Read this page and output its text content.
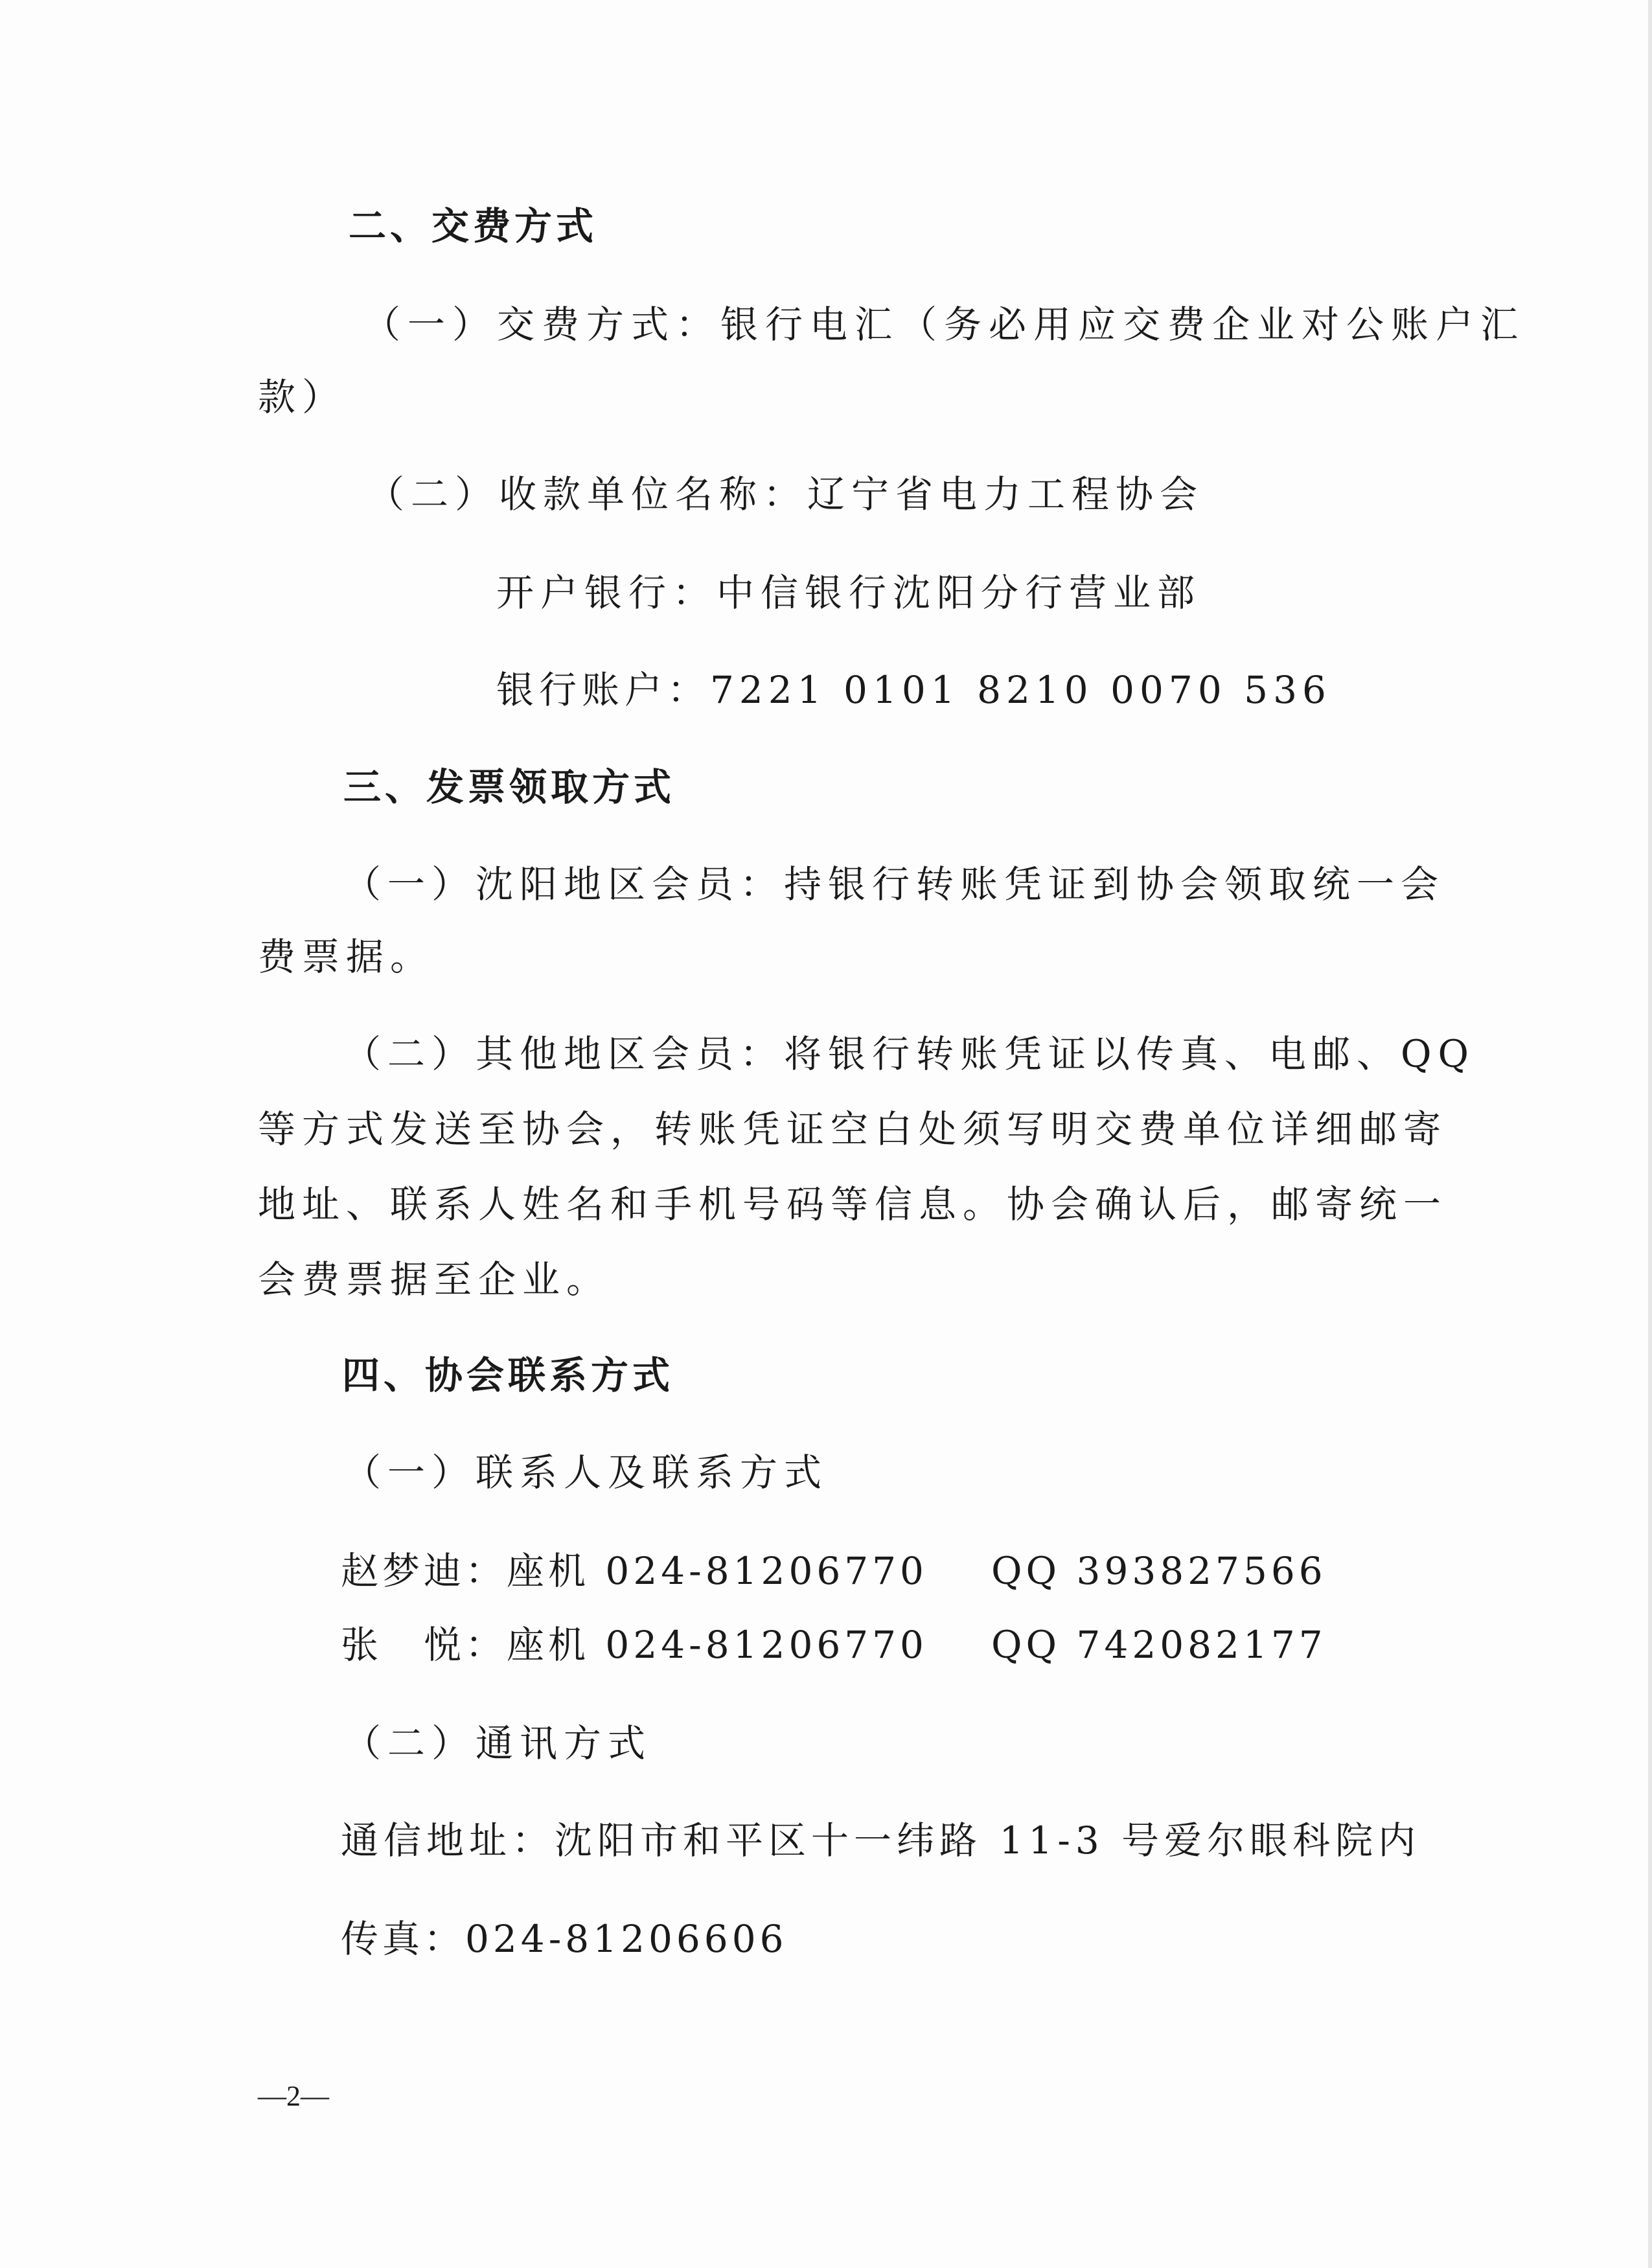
二、交费方式
（一）交费方式：银行电汇（务必用应交费企业对公账户汇
款）
（二）收款单位名称：辽宁省电力工程协会
开户银行：中信银行沈阳分行营业部
银行账户：7221 0101 8210 0070 536
三、发票领取方式
（一）沈阳地区会员：持银行转账凭证到协会领取统一会
费票据。
（二）其他地区会员：将银行转账凭证以传真、电邮、QQ
等方式发送至协会，转账凭证空白处须写明交费单位详细邮寄
地址、联系人姓名和手机号码等信息。协会确认后，邮寄统一
会费票据至企业。
四、协会联系方式
（一）联系人及联系方式
赵梦迪：座机 024-81206770 QQ 393827566
张　悦：座机 024-81206770 QQ 742082177
（二）通讯方式
通信地址：沈阳市和平区十一纬路 11-3 号爱尔眼科院内
传真：024-81206606
—2—
